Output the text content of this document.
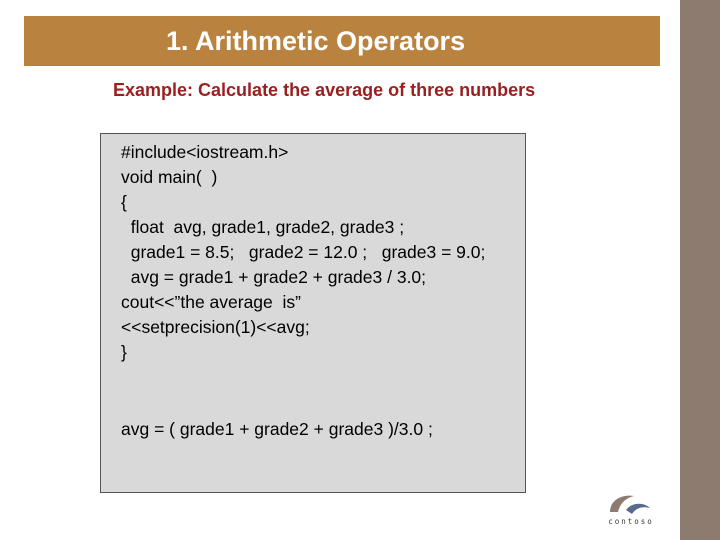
1. Arithmetic Operators
Example: Calculate the average of three numbers
#include<iostream.h>
void main(  )
{
float  avg, grade1, grade2, grade3 ;
grade1 = 8.5;   grade2 = 12.0 ;   grade3 = 9.0;
avg = grade1 + grade2 + grade3 / 3.0;
cout<<”the average  is”
<<setprecision(1)<<avg;
}
avg = ( grade1 + grade2 + grade3 )/3.0 ;
contoso
